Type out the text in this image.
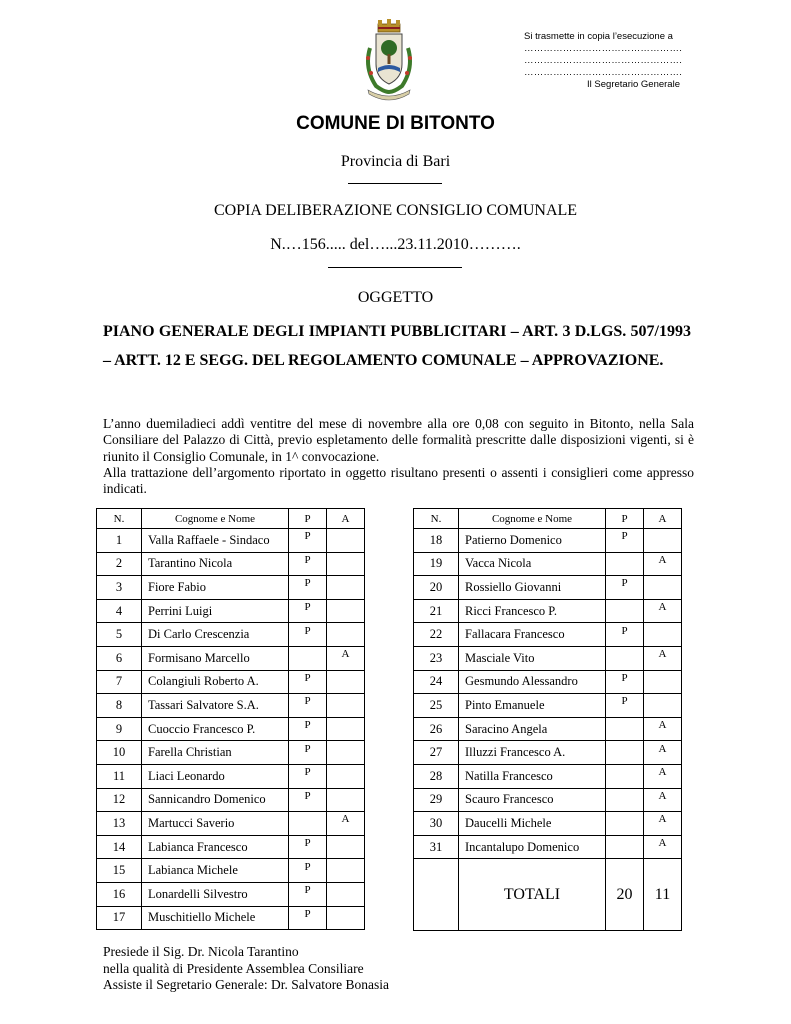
Si trasmette in copia l’esecuzione a
………………………………………….
………………………………………….
………………………………………….
Il Segretario Generale
COMUNE DI BITONTO
Provincia di Bari
COPIA DELIBERAZIONE CONSIGLIO COMUNALE
N.…156..... del…...23.11.2010……….
OGGETTO
PIANO GENERALE DEGLI IMPIANTI PUBBLICITARI – ART. 3 D.LGS. 507/1993 – ARTT. 12 E SEGG. DEL REGOLAMENTO COMUNALE – APPROVAZIONE.

L’anno duemiladieci addì ventitre del mese di novembre alla ore 0,08 con seguito in Bitonto, nella Sala Consiliare del Palazzo di Città, previo espletamento delle formalità prescritte dalle disposizioni vigenti, si è riunito il Consiglio Comunale, in 1^ convocazione.

Alla trattazione dell’argomento riportato in oggetto risultano presenti o assenti i consiglieri come appresso indicati.

N.	Cognome e Nome	P	A
1	Valla Raffaele - Sindaco	P	
2	Tarantino Nicola	P	
3	Fiore Fabio	P	
4	Perrini Luigi	P	
5	Di Carlo Crescenzia	P	
6	Formisano Marcello		A
7	Colangiuli Roberto A.	P	
8	Tassari Salvatore S.A.	P	
9	Cuoccio Francesco P.	P	
10	Farella Christian	P	
11	Liaci Leonardo	P	
12	Sannicandro Domenico	P	
13	Martucci Saverio		A
14	Labianca Francesco	P	
15	Labianca Michele	P	
16	Lonardelli Silvestro	P	
17	Muschitiello Michele	P	
N.	Cognome e Nome	P	A
18	Patierno Domenico	P	
19	Vacca Nicola		A
20	Rossiello Giovanni	P	
21	Ricci Francesco P.		A
22	Fallacara Francesco	P	
23	Masciale Vito		A
24	Gesmundo Alessandro	P	
25	Pinto Emanuele	P	
26	Saracino Angela		A
27	Illuzzi Francesco A.		A
28	Natilla Francesco		A
29	Scauro Francesco		A
30	Daucelli Michele		A
31	Incantalupo Domenico		A
	TOTALI	20	11
Presiede il Sig. Dr. Nicola Tarantino
nella qualità di Presidente Assemblea Consiliare
Assiste il Segretario Generale: Dr. Salvatore Bonasia
